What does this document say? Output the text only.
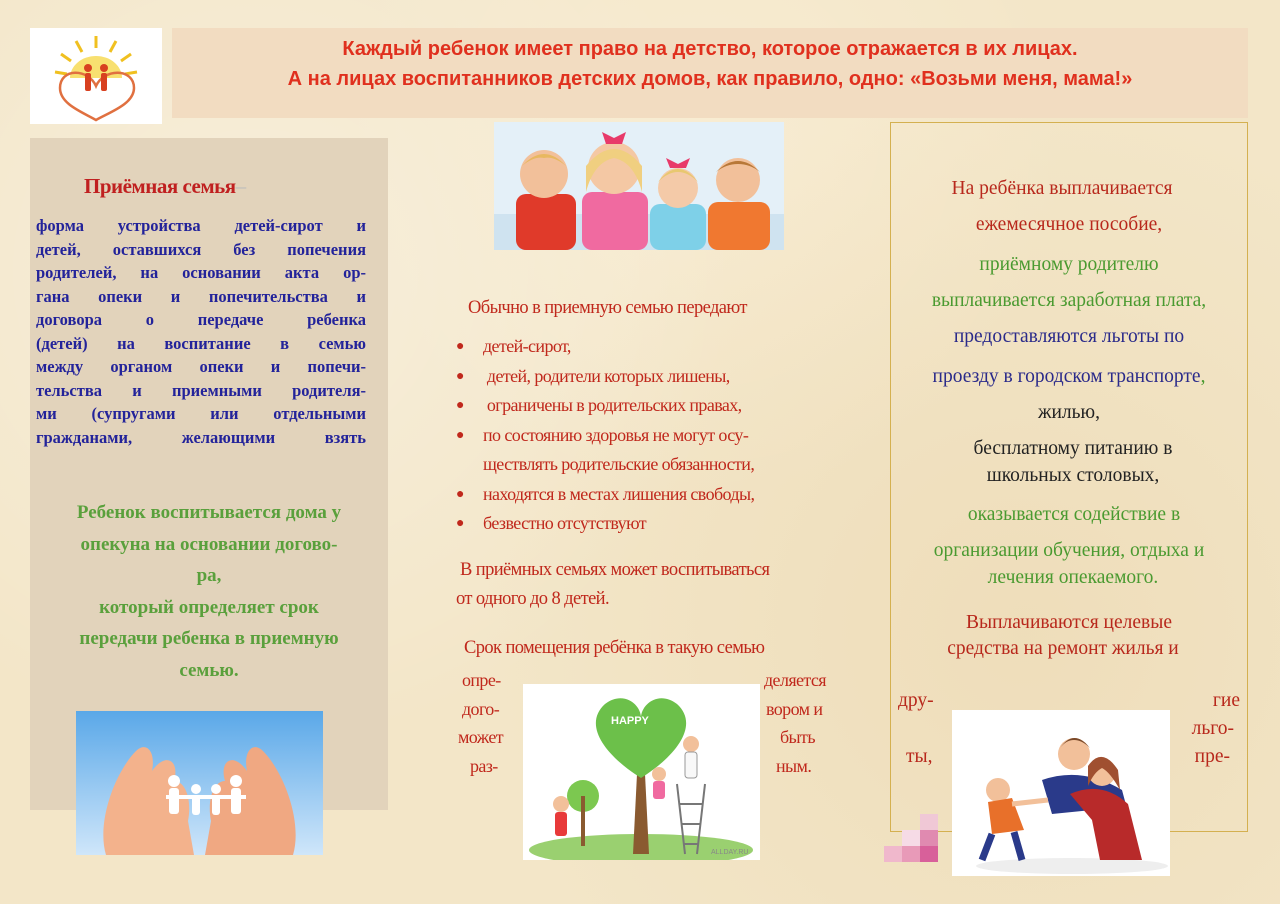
Каждый ребенок имеет право на детство, которое отражается в их лицах.
А на лицах воспитанников детских домов, как правило, одно: «Возьми меня, мама!»
Приёмная семья–
форма устройства детей-сирот и
детей, оставшихся без попечения
родителей, на основании акта ор-
гана опеки и попечительства и
договора о передаче ребенка
(детей) на воспитание в семью
между органом опеки и попечи-
тельства и приемными родителя-
ми (супругами или отдельными
гражданами, желающими взять
Ребенок воспитывается дома у
опекуна на основании догово-
ра,
который определяет срок
передачи ребенка в приемную
семью.
Обычно в приемную семью передают
● детей-сирот,
● детей, родители которых лишены,
● ограничены в родительских правах,
● по состоянию здоровья не могут осу-
ществлять родительские обязанности,
● находятся в местах лишения свободы,
● безвестно отсутствуют
В приёмных семьях может воспитываться
от одного до 8 детей.
Срок помещения ребёнка в такую семью
опре-
дого-
может
раз-
деляется
вором и
быть
ным.
HAPPY
ALLDAY.RU
На ребёнка выплачивается
ежемесячное пособие,
приёмному родителю
выплачивается заработная плата,
предоставляются льготы по
проезду в городском транспорте,
жилью,
бесплатному питанию в
школьных столовых,
оказывается содействие в
организации обучения, отдыха и
лечения опекаемого.
Выплачиваются целевые
средства на ремонт жилья и
дру-
ты,
гие
льго-
пре-
